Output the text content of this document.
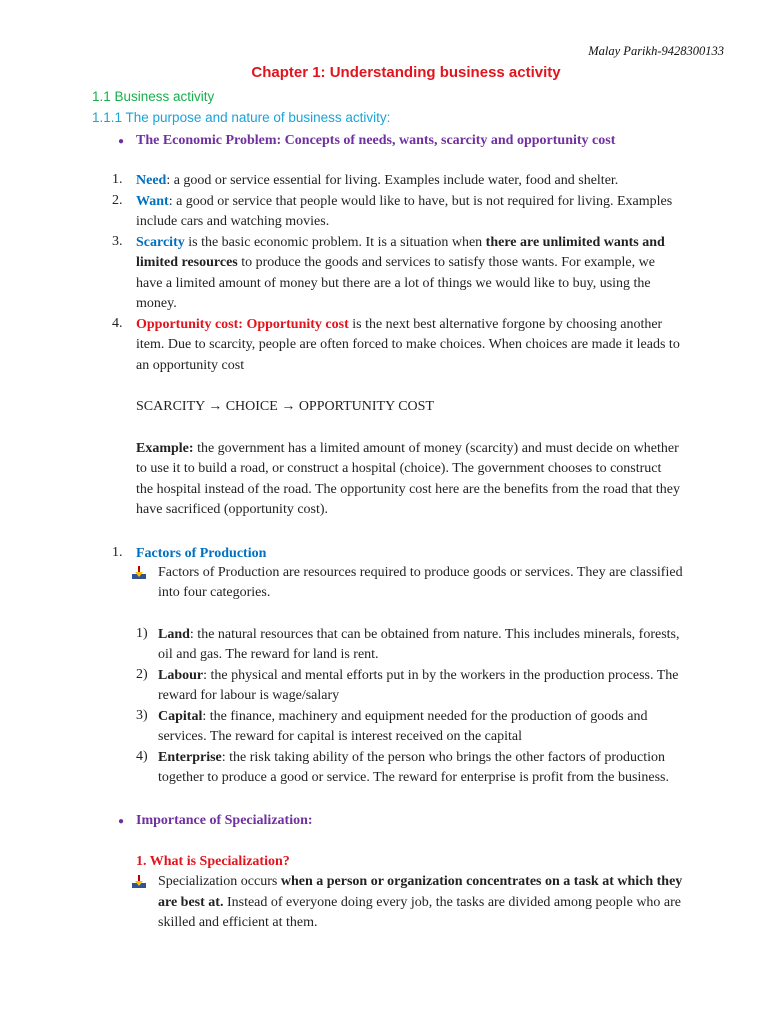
Malay Parikh-9428300133
Chapter 1: Understanding business activity
1.1 Business activity
1.1.1 The purpose and nature of business activity:
● The Economic Problem: Concepts of needs, wants, scarcity and opportunity cost
1. Need: a good or service essential for living. Examples include water, food and shelter.
2. Want: a good or service that people would like to have, but is not required for living. Examples
include cars and watching movies.
3. Scarcity is the basic economic problem. It is a situation when there are unlimited wants and
limited resources to produce the goods and services to satisfy those wants. For example, we
have a limited amount of money but there are a lot of things we would like to buy, using the
money.
4. Opportunity cost: Opportunity cost is the next best alternative forgone by choosing another
item. Due to scarcity, people are often forced to make choices. When choices are made it leads to
an opportunity cost
SCARCITY → CHOICE → OPPORTUNITY COST
Example: the government has a limited amount of money (scarcity) and must decide on whether
to use it to build a road, or construct a hospital (choice). The government chooses to construct
the hospital instead of the road. The opportunity cost here are the benefits from the road that they
have sacrificed (opportunity cost).
1. Factors of Production
Factors of Production are resources required to produce goods or services. They are classified
into four categories.
1) Land: the natural resources that can be obtained from nature. This includes minerals, forests,
oil and gas. The reward for land is rent.
2) Labour: the physical and mental efforts put in by the workers in the production process. The
reward for labour is wage/salary
3) Capital: the finance, machinery and equipment needed for the production of goods and
services. The reward for capital is interest received on the capital
4) Enterprise: the risk taking ability of the person who brings the other factors of production
together to produce a good or service. The reward for enterprise is profit from the business.
● Importance of Specialization:
1. What is Specialization?
Specialization occurs when a person or organization concentrates on a task at which they
are best at. Instead of everyone doing every job, the tasks are divided among people who are
skilled and efficient at them.
